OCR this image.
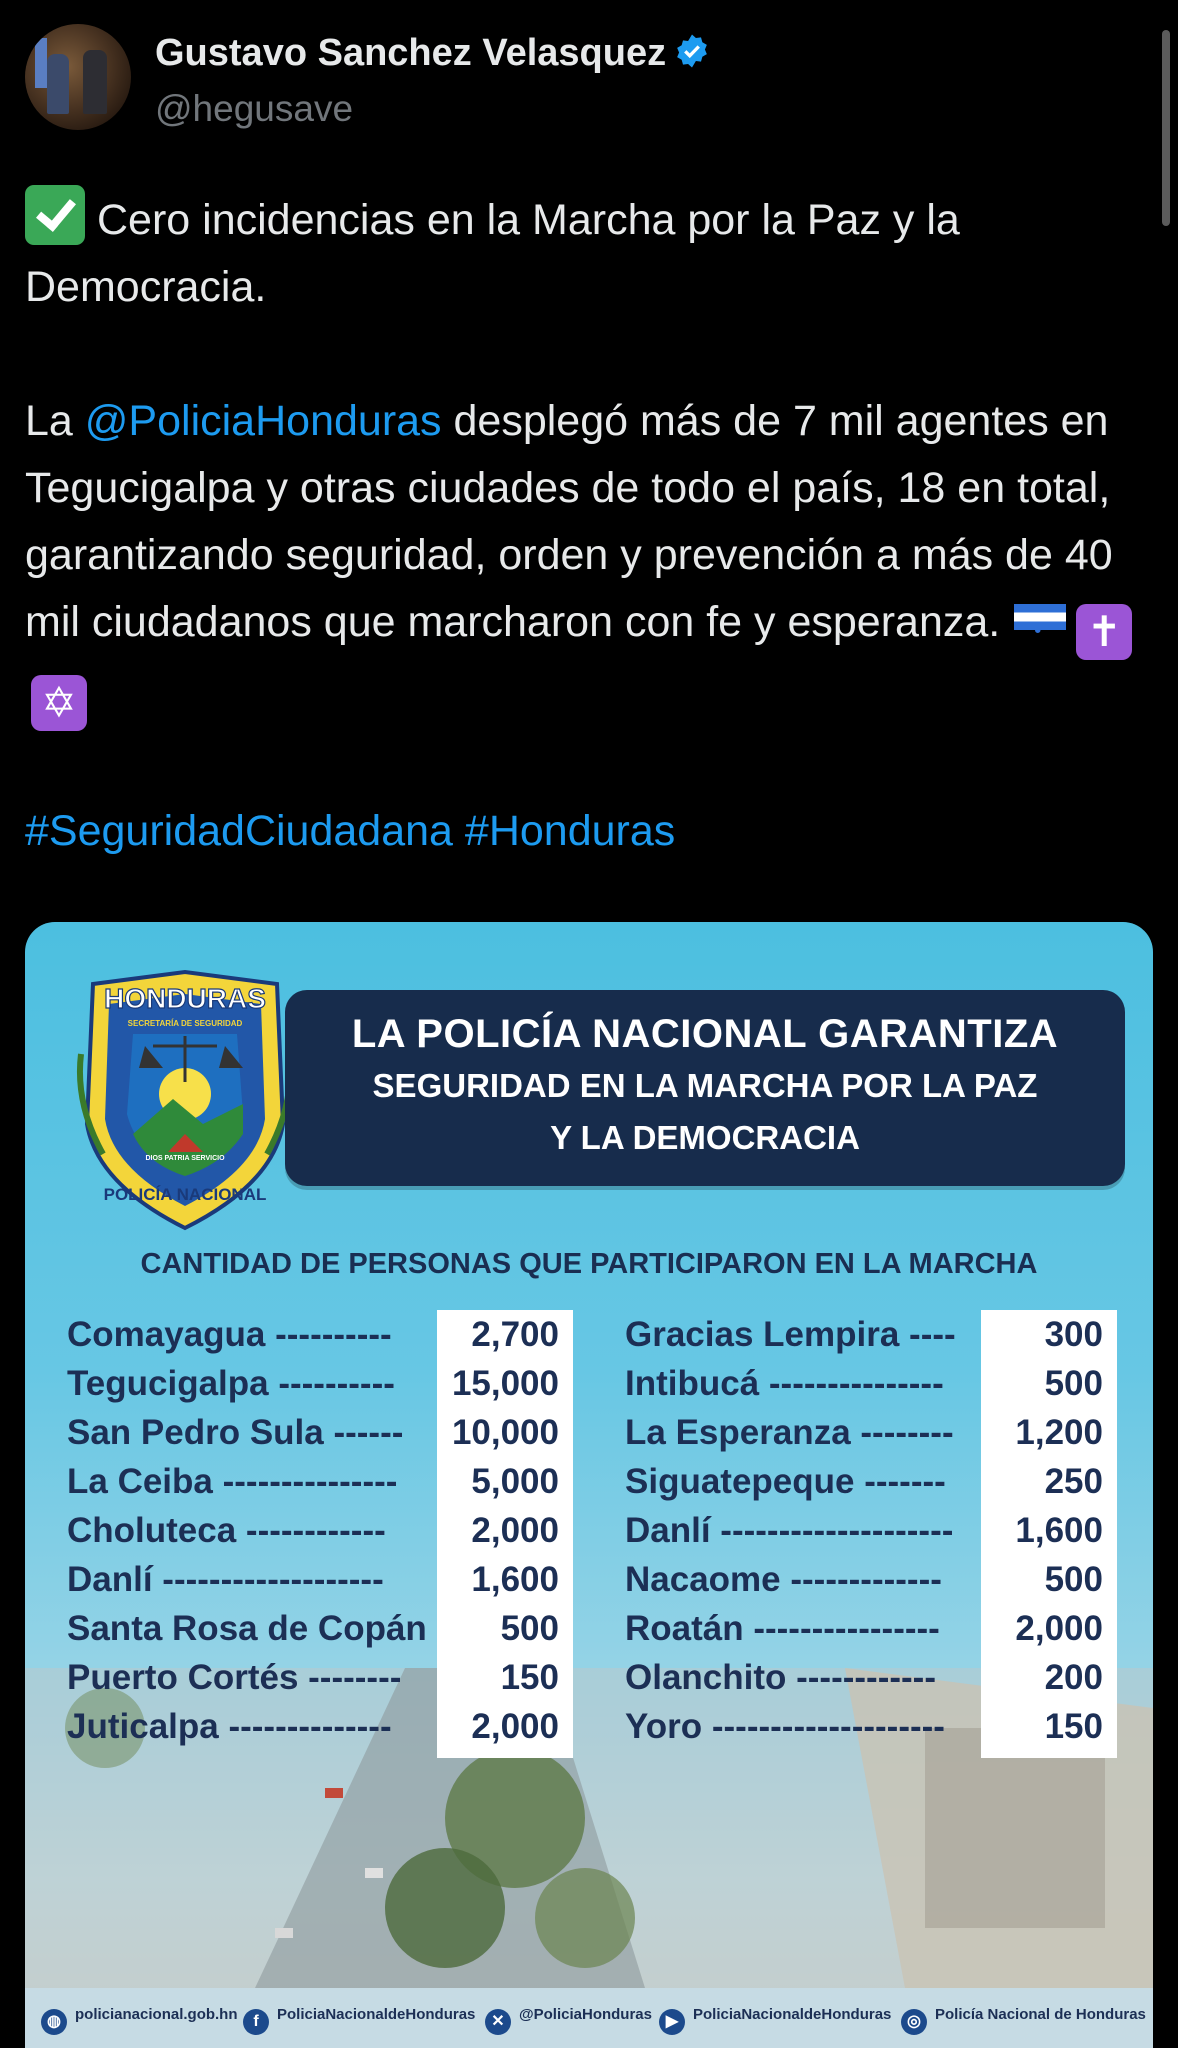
Gustavo Sanchez Velasquez
@hegusave

Cero incidencias en la Marcha por la Paz y la Democracia.

La @PoliciaHonduras desplegó más de 7 mil agentes en Tegucigalpa y otras ciudades de todo el país, 18 en total, garantizando seguridad, orden y prevención a más de 40 mil ciudadanos que marcharon con fe y esperanza.• ✝✡

#SeguridadCiudadana #Honduras

HONDURAS
SECRETARÍA DE SEGURIDAD
DIOS PATRIA SERVICIO
POLICÍA NACIONAL
LA POLICÍA NACIONAL GARANTIZA
SEGURIDAD EN LA MARCHA POR LA PAZ
Y LA DEMOCRACIA
CANTIDAD DE PERSONAS QUE PARTICIPARON EN LA MARCHA
Comayagua ----------
Tegucigalpa ----------
San Pedro Sula ------
La Ceiba ---------------
Choluteca ------------
Danlí -------------------
Santa Rosa de Copán
Puerto Cortés --------
Juticalpa --------------
2,700
15,000
10,000
5,000
2,000
1,600
500
150
2,000
Gracias Lempira ----
Intibucá ---------------
La Esperanza --------
Siguatepeque -------
Danlí --------------------
Nacaome -------------
Roatán ----------------
Olanchito ------------
Yoro --------------------
300
500
1,200
250
1,600
500
2,000
200
150
◍ policianacional.gob.hn f PoliciaNacionaldeHonduras ✕ @PoliciaHonduras ▶ PoliciaNacionaldeHonduras ◎ Policía Nacional de Honduras
